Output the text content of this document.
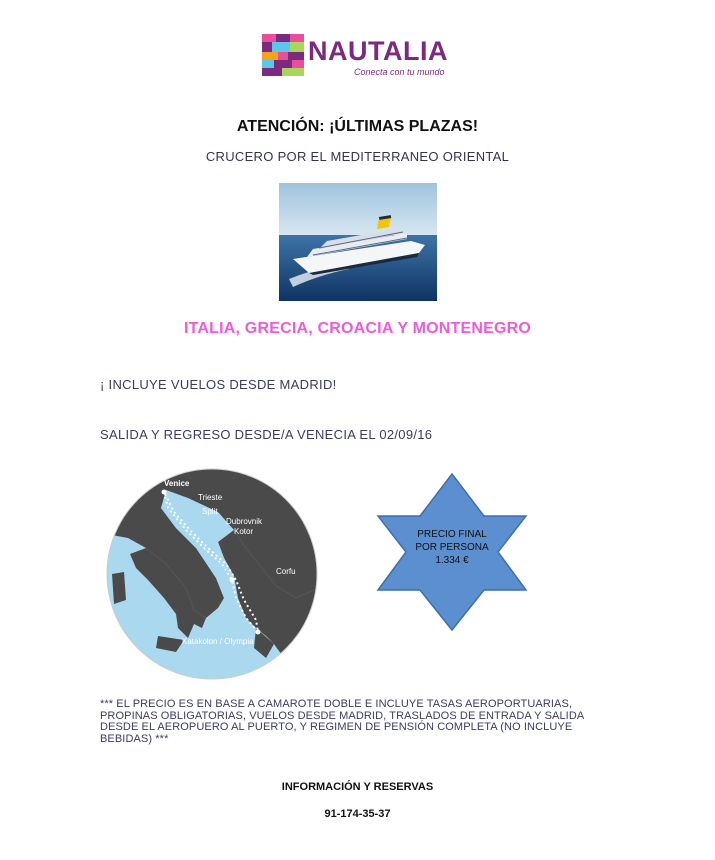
NAUTALIA
Conecta con tu mundo
ATENCIÓN: ¡ÚLTIMAS PLAZAS!
CRUCERO POR EL MEDITERRANEO ORIENTAL
ITALIA, GRECIA, CROACIA Y MONTENEGRO
¡ INCLUYE VUELOS DESDE MADRID!
SALIDA Y REGRESO DESDE/A VENECIA EL 02/09/16
Venice
Trieste
Split
Dubrovnik
Kotor
Corfu
Katakolon / Olympia
PRECIO FINAL
POR PERSONA
1.334 €
*** EL PRECIO ES EN BASE A CAMAROTE DOBLE E INCLUYE TASAS AEROPORTUARIAS, PROPINAS OBLIGATORIAS, VUELOS DESDE MADRID, TRASLADOS DE ENTRADA Y SALIDA DESDE EL AEROPUERO AL PUERTO, Y REGIMEN DE PENSIÓN COMPLETA (NO INCLUYE BEBIDAS) ***
INFORMACIÓN Y RESERVAS
91-174-35-37
